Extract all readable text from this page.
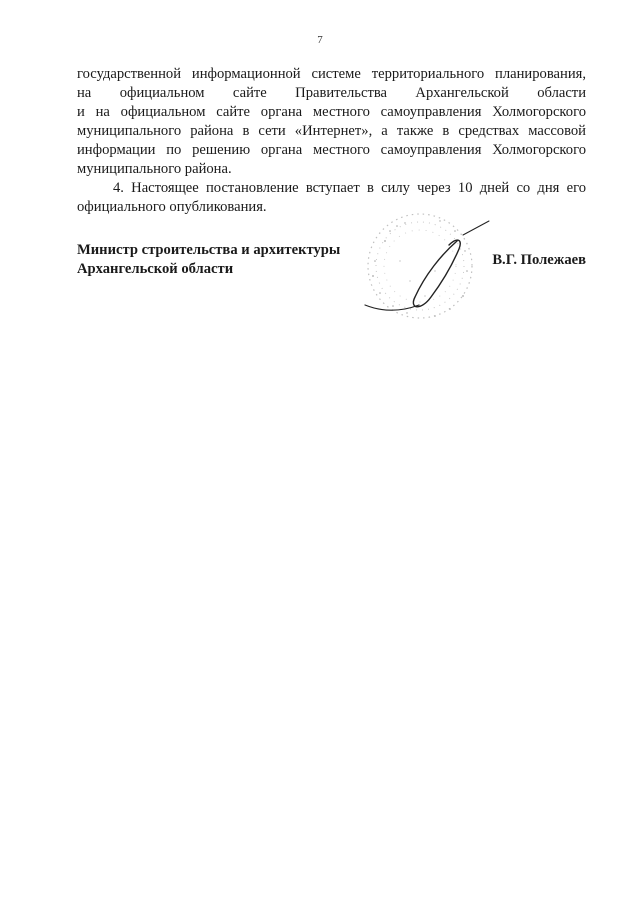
7

государственной информационной системе территориального планирования,
на официальном сайте Правительства Архангельской области
и на официальном сайте органа местного самоуправления Холмогорского муниципального района в сети «Интернет», а также в средствах массовой информации по решению органа местного самоуправления Холмогорского муниципального района.

4. Настоящее постановление вступает в силу через 10 дней со дня его официального опубликования.

Министр строительства и архитектуры
Архангельской области
В.Г. Полежаев
